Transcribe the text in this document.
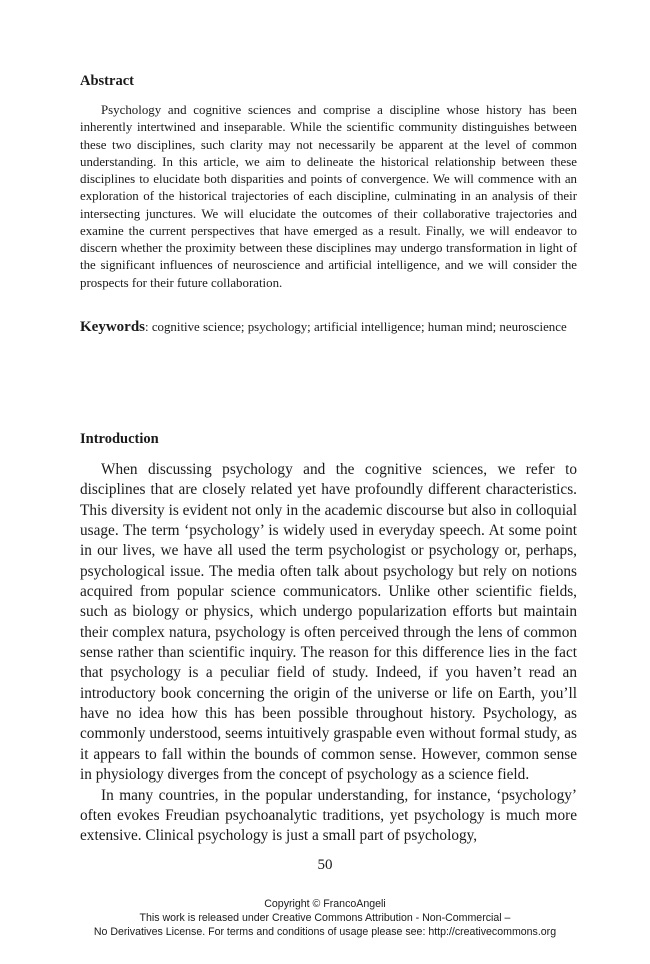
Abstract

Psychology and cognitive sciences and comprise a discipline whose history has been inherently intertwined and inseparable. While the scientific community distinguishes between these two disciplines, such clarity may not necessarily be apparent at the level of common understanding. In this article, we aim to delineate the historical relationship between these disciplines to elucidate both disparities and points of convergence. We will commence with an exploration of the historical trajectories of each discipline, culminating in an analysis of their intersecting junctures. We will elucidate the outcomes of their collaborative trajectories and examine the current perspectives that have emerged as a result. Finally, we will endeavor to discern whether the proximity between these disciplines may undergo transformation in light of the significant influences of neuroscience and artificial intelligence, and we will consider the prospects for their future collaboration.

Keywords: cognitive science; psychology; artificial intelligence; human mind; neuroscience

Introduction

When discussing psychology and the cognitive sciences, we refer to disciplines that are closely related yet have profoundly different characteristics. This diversity is evident not only in the academic discourse but also in colloquial usage. The term ‘psychology’ is widely used in everyday speech. At some point in our lives, we have all used the term psychologist or psychology or, perhaps, psychological issue. The media often talk about psychology but rely on notions acquired from popular science communicators. Unlike other scientific fields, such as biology or physics, which undergo popularization efforts but maintain their complex natura, psychology is often perceived through the lens of common sense rather than scientific inquiry. The reason for this difference lies in the fact that psychology is a peculiar field of study. Indeed, if you haven’t read an introductory book concerning the origin of the universe or life on Earth, you’ll have no idea how this has been possible throughout history. Psychology, as commonly understood, seems intuitively graspable even without formal study, as it appears to fall within the bounds of common sense. However, common sense in physiology diverges from the concept of psychology as a science field.

In many countries, in the popular understanding, for instance, ‘psychology’ often evokes Freudian psychoanalytic traditions, yet psychology is much more extensive. Clinical psychology is just a small part of psychology,

50

Copyright © FrancoAngeli
This work is released under Creative Commons Attribution - Non-Commercial –
No Derivatives License. For terms and conditions of usage please see: http://creativecommons.org
